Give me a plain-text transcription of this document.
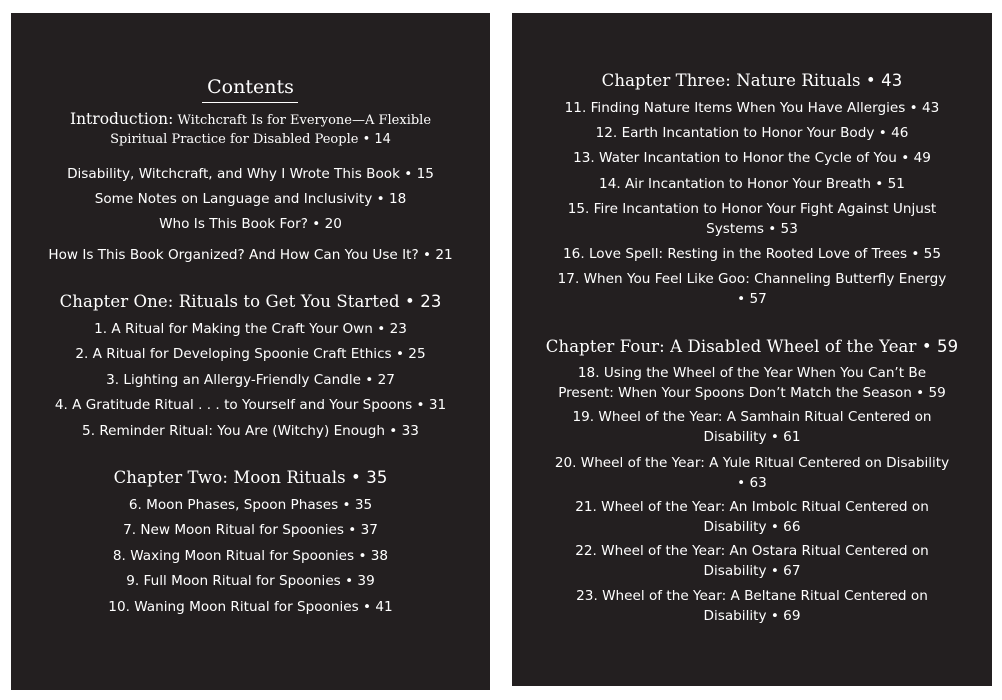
Contents
Introduction: Witchcraft Is for Everyone—A Flexible Spiritual Practice for Disabled People • 14
Disability, Witchcraft, and Why I Wrote This Book • 15
Some Notes on Language and Inclusivity • 18
Who Is This Book For? • 20
How Is This Book Organized? And How Can You Use It? • 21
Chapter One: Rituals to Get You Started • 23
1. A Ritual for Making the Craft Your Own • 23
2. A Ritual for Developing Spoonie Craft Ethics • 25
3. Lighting an Allergy-Friendly Candle • 27
4. A Gratitude Ritual . . . to Yourself and Your Spoons • 31
5. Reminder Ritual: You Are (Witchy) Enough • 33
Chapter Two: Moon Rituals • 35
6. Moon Phases, Spoon Phases • 35
7. New Moon Ritual for Spoonies • 37
8. Waxing Moon Ritual for Spoonies • 38
9. Full Moon Ritual for Spoonies • 39
10. Waning Moon Ritual for Spoonies • 41
Chapter Three: Nature Rituals • 43
11. Finding Nature Items When You Have Allergies • 43
12. Earth Incantation to Honor Your Body • 46
13. Water Incantation to Honor the Cycle of You • 49
14. Air Incantation to Honor Your Breath • 51
15. Fire Incantation to Honor Your Fight Against Unjust Systems • 53
16. Love Spell: Resting in the Rooted Love of Trees • 55
17. When You Feel Like Goo: Channeling Butterfly Energy • 57
Chapter Four: A Disabled Wheel of the Year • 59
18. Using the Wheel of the Year When You Can’t Be Present: When Your Spoons Don’t Match the Season • 59
19. Wheel of the Year: A Samhain Ritual Centered on Disability • 61
20. Wheel of the Year: A Yule Ritual Centered on Disability • 63
21. Wheel of the Year: An Imbolc Ritual Centered on Disability • 66
22. Wheel of the Year: An Ostara Ritual Centered on Disability • 67
23. Wheel of the Year: A Beltane Ritual Centered on Disability • 69
